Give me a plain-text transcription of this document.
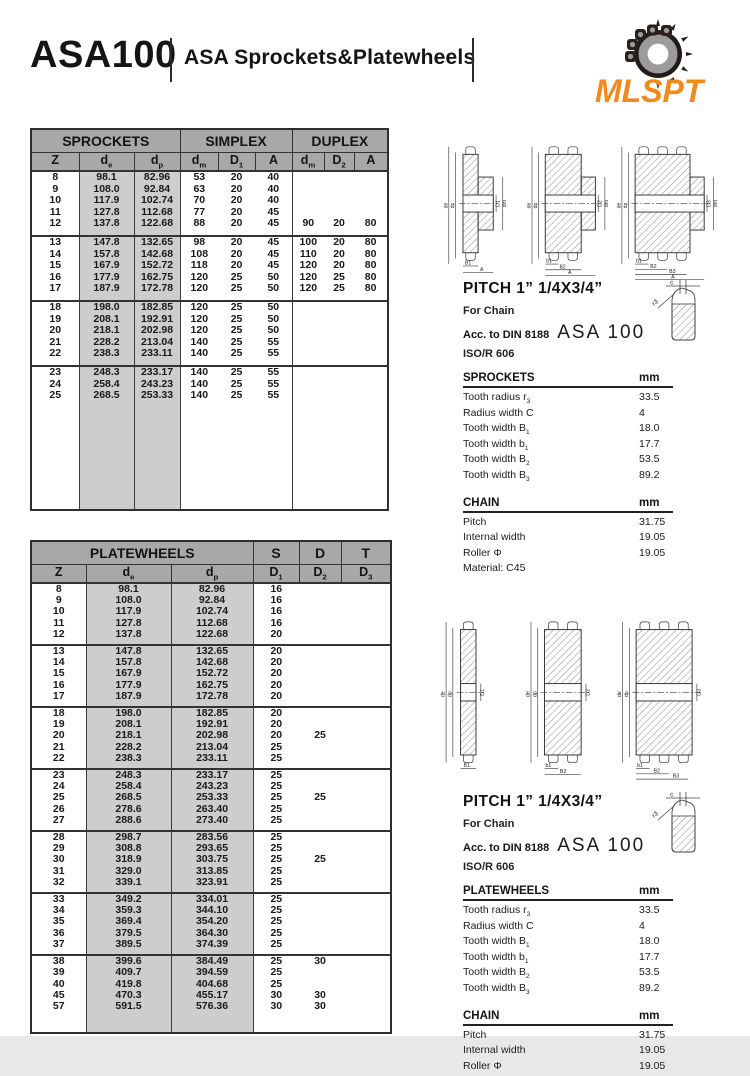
ASA100 ASA Sprockets&Platewheels
MLSPT
SPROCKETS			SIMPLEX			DUPLEX		
Z	$d_e$	$d_p$	$d_m$	$D_1$	A	$d_m$	$D_2$	A
8	98.1	82.96	53	20	40			
9	108.0	92.84	63	20	40			
10	117.9	102.74	70	20	40			
11	127.8	112.68	77	20	45			
12	137.8	122.68	88	20	45	90	20	80
13	147.8	132.65	98	20	45	100	20	80
14	157.8	142.68	108	20	45	110	20	80
15	167.9	152.72	118	20	45	120	20	80
16	177.9	162.75	120	25	50	120	25	80
17	187.9	172.78	120	25	50	120	25	80
18	198.0	182.85	120	25	50			
19	208.1	192.91	120	25	50			
20	218.1	202.98	120	25	50			
21	228.2	213.04	140	25	55			
22	238.3	233.11	140	25	55			
23	248.3	233.17	140	25	55			
24	258.4	243.23	140	25	55			
25	268.5	253.33	140	25	55			

PLATEWHEELS			S	D	T
Z	$d_e$	$d_p$	$D_1$	$D_2$	$D_3$
8	98.1	82.96	16		
9	108.0	92.84	16		
10	117.9	102.74	16		
11	127.8	112.68	16		
12	137.8	122.68	20		
13	147.8	132.65	20		
14	157.8	142.68	20		
15	167.9	152.72	20		
16	177.9	162.75	20		
17	187.9	172.78	20		
18	198.0	182.85	20		
19	208.1	192.91	20		
20	218.1	202.98	20	25	
21	228.2	213.04	25		
22	238.3	233.11	25		
23	248.3	233.17	25		
24	258.4	243.23	25		
25	268.5	253.33	25	25	
26	278.6	263.40	25		
27	288.6	273.40	25		
28	298.7	283.56	25		
29	308.8	293.65	25		
30	318.9	303.75	25	25	
31	329.0	313.85	25		
32	339.1	323.91	25		
33	349.2	334.01	25		
34	359.3	344.10	25		
35	369.4	354.20	25		
36	379.5	364.30	25		
37	389.5	374.39	25		
38	399.6	384.49	25	30	
39	409.7	394.59	25		
40	419.8	404.68	25		
45	470.3	455.17	30	30	
57	591.5	576.36	30	30	

de dp	D1 dm
B1
A
de dp	D2 dm
b1
B2
A
de dp	D3 dm
b1
B2
B3
A
de dp	D1
B1
de dp	D2
b1
B2
de dp	D3
b1
B2
B3
c
r3
c
r3
PITCH 1” 1/4X3/4”
For Chain
Acc. to DIN 8188 ASA 100
ISO/R 606
SPROCKETS	mm
Tooth radius $r_3$	33.5
Radius width C	4
Tooth width $B_1$	18.0
Tooth width $b_1$	17.7
Tooth width $B_2$	53.5
Tooth width $B_3$	89.2
CHAIN	mm
Pitch	31.75
Internal width	19.05
Roller Φ	19.05
Material: C45
PITCH 1” 1/4X3/4”
For Chain
Acc. to DIN 8188 ASA 100
ISO/R 606
PLATEWHEELS	mm
Tooth radius $r_3$	33.5
Radius width C	4
Tooth width $B_1$	18.0
Tooth width $b_1$	17.7
Tooth width $B_2$	53.5
Tooth width $B_3$	89.2
CHAIN	mm
Pitch	31.75
Internal width	19.05
Roller Φ	19.05
